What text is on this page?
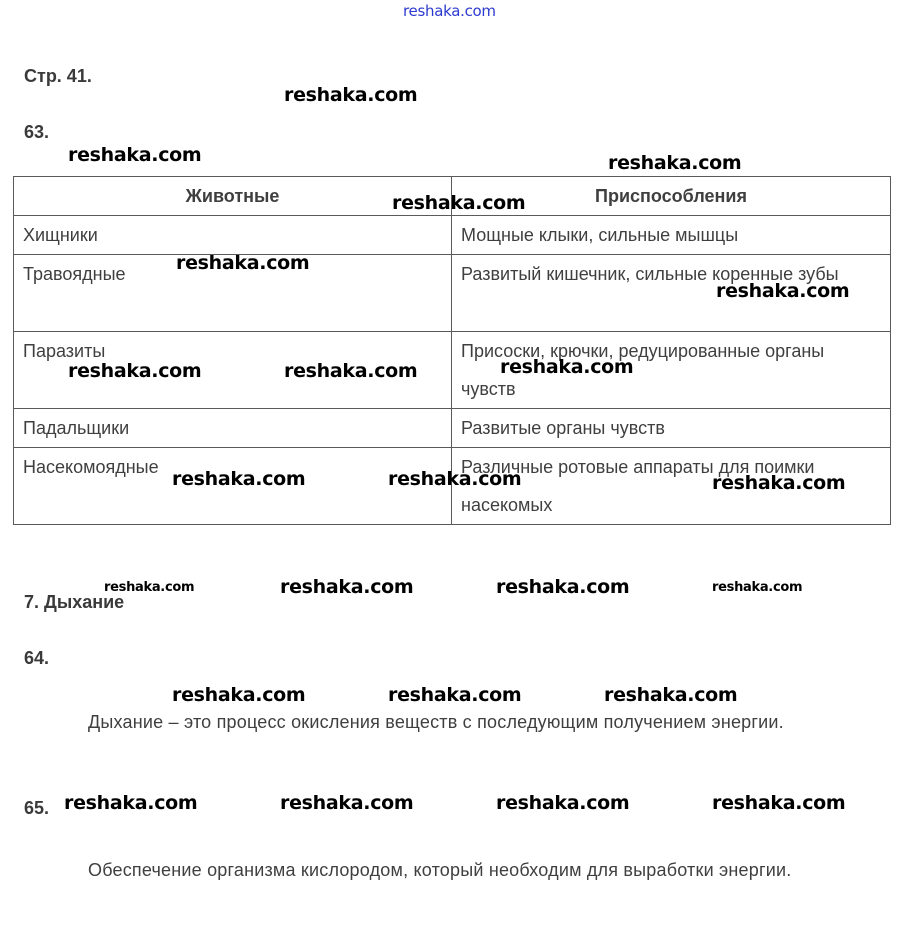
reshaka.com
Стр. 41.
63.
Животные	Приспособления
Хищники	Мощные клыки, сильные мышцы
Травоядные	Развитый кишечник, сильные коренные зубы
Паразиты	Присоски, крючки, редуцированные органы чувств
Падальщики	Развитые органы чувств
Насекомоядные	Различные ротовые аппараты для поимки насекомых
7. Дыхание
64.
Дыхание – это процесс окисления веществ с последующим получением энергии.
65.
Обеспечение организма кислородом, который необходим для выработки энергии.
reshaka.com
reshaka.com	reshaka.com
reshaka.com
reshaka.com
reshaka.com
reshaka.com
reshaka.com	reshaka.com
reshaka.com	reshaka.com	reshaka.com
reshaka.com	reshaka.com	reshaka.com	reshaka.com
reshaka.com	reshaka.com	reshaka.com
reshaka.com	reshaka.com	reshaka.com	reshaka.com
